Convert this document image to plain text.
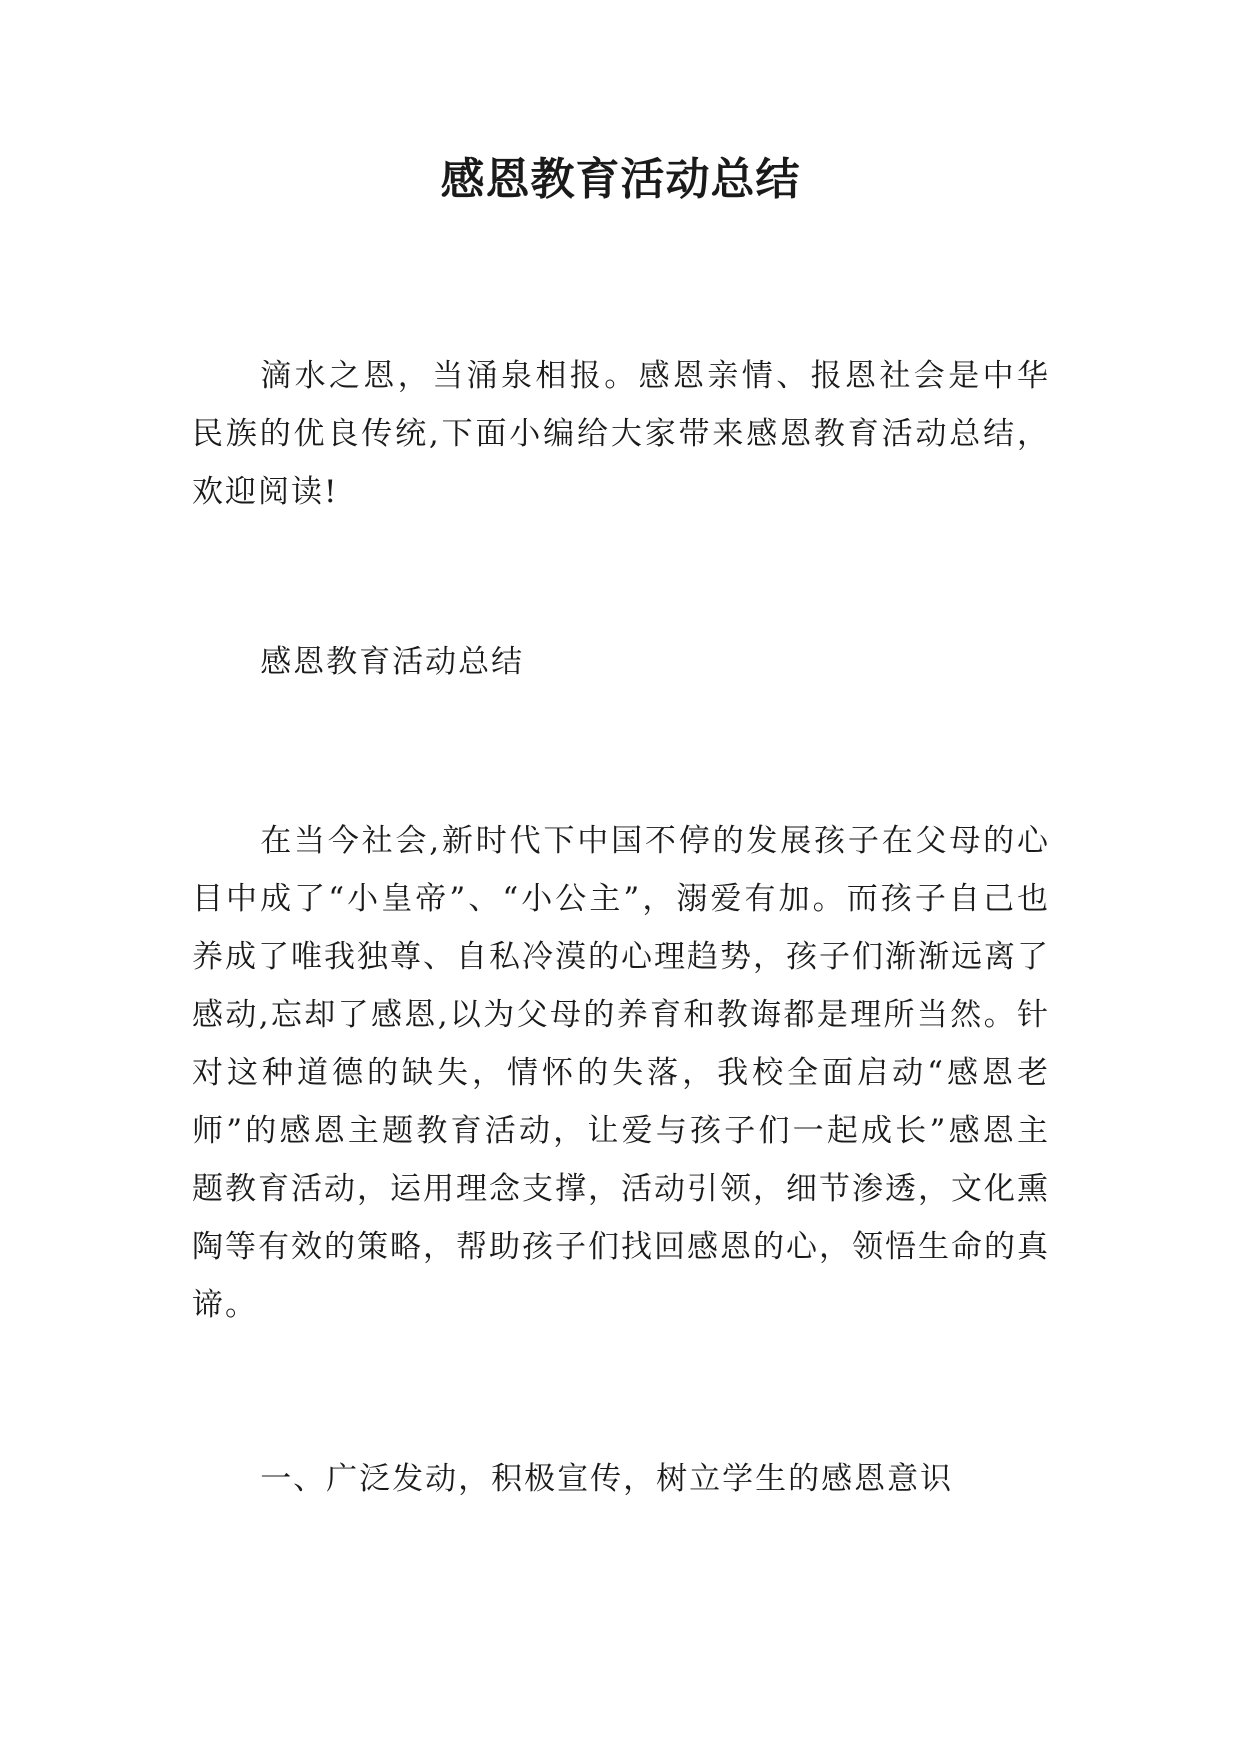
感恩教育活动总结

滴水之恩，当涌泉相报。感恩亲情、报恩社会是中华民族的优良传统,下面小编给大家带来感恩教育活动总结，欢迎阅读!

感恩教育活动总结

在当今社会,新时代下中国不停的发展孩子在父母的心目中成了“小皇帝”、“小公主”，溺爱有加。而孩子自己也养成了唯我独尊、自私冷漠的心理趋势，孩子们渐渐远离了感动,忘却了感恩,以为父母的养育和教诲都是理所当然。针对这种道德的缺失，情怀的失落，我校全面启动“感恩老师”的感恩主题教育活动，让爱与孩子们一起成长”感恩主题教育活动，运用理念支撑，活动引领，细节渗透，文化熏陶等有效的策略，帮助孩子们找回感恩的心，领悟生命的真谛。

一、广泛发动，积极宣传，树立学生的感恩意识
